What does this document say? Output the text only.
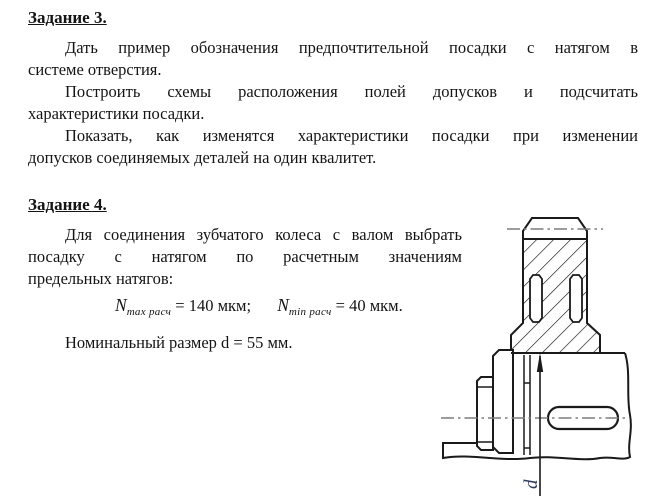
Задание 3.
Дать пример обозначения предпочтительной посадки с натягом в
системе отверстия.
Построить схемы расположения полей допусков и подсчитать
характеристики посадки.
Показать, как изменятся характеристики посадки при изменении
допусков соединяемых деталей на один квалитет.
Задание 4.
Для соединения зубчатого колеса с валом выбрать
посадку с натягом по расчетным значениям
предельных натягов:
$N_{max расч} = 140$ мкм; $N_{min расч} = 40$ мкм.
Номинальный размер d = 55 мм.
d
